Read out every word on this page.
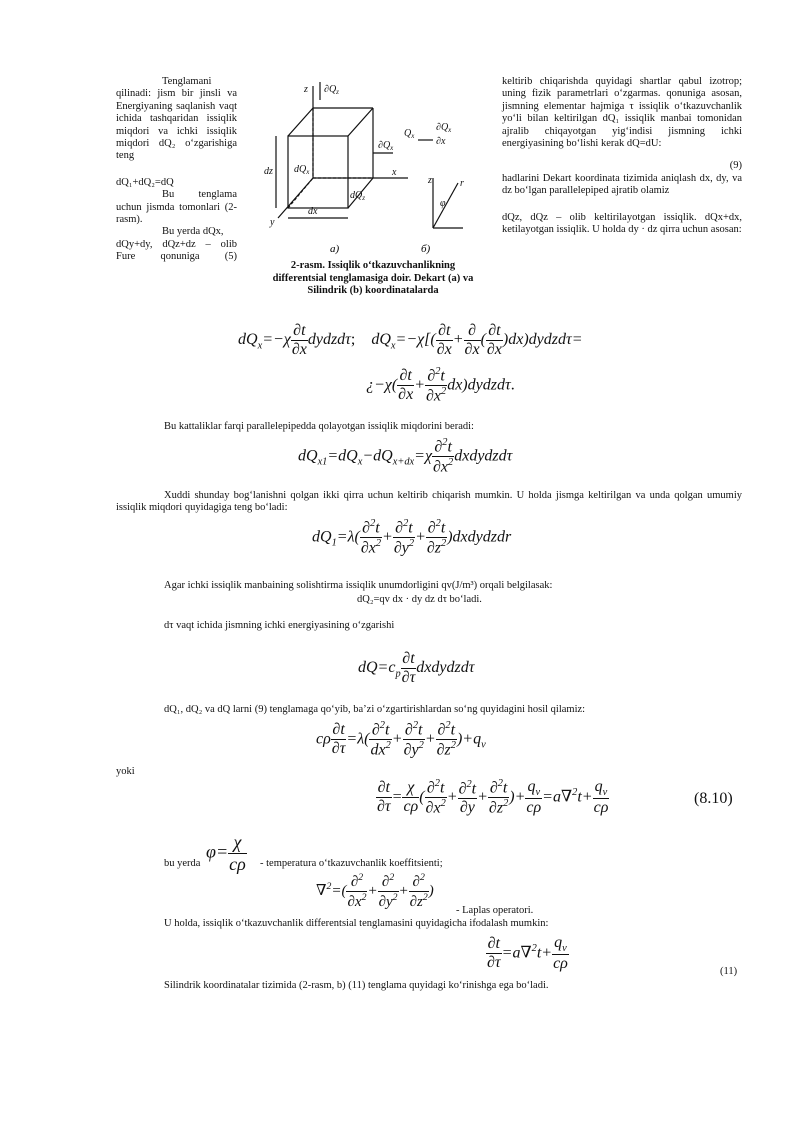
Tenglamani
qilinadi: jism bir jinsli va Energiyaning saqlanish vaqt ichida tashqaridan issiqlik miqdori va ichki issiqlik miqdori dQ₂ o‘zgarishiga teng
dQ₁+dQ₂=dQ
Bu tenglama uchun jismda tomonlari (2-rasm).
Bu yerda dQx,
dQy+dy, dQz+dz – olib
Fure qonuniga (5)
z $\partial Q_z$
$\partial Q_x$
x
dz
dx
$dQ_z$
$dQ_x$
y
$Q_x$
$\partial Q_x$
∂x
z	r
φ
a)	б)
2-rasm. Issiqlik o‘tkazuvchanlikning differentsial tenglamasiga doir. Dekart (a) va Silindrik (b) koordinatalarda
keltirib chiqarishda quyidagi shartlar qabul izotrop; uning fizik parametrlari o‘zgarmas. qonuniga asosan, jismning elementar hajmiga τ issiqlik o‘tkazuvchanlik yo‘li bilan keltirilgan dQ₁ issiqlik manbai tomonidan ajralib chiqayotgan yig‘indisi jismning ichki energiyasining bo‘lishi kerak dQ=dU:
(9)
hadlarini Dekart koordinata tizimida aniqlash dx, dy, va dz bo‘lgan parallelepiped ajratib olamiz
dQz, dQz – olib keltirilayotgan issiqlik. dQx+dx, ketilayotgan issiqlik. U holda dy · dz qirra uchun asosan:
$dQ_x=-\chi \frac{\partial t}{\partial x}$ dydzdτ;    $dQ_x=-\chi[( \frac{\partial t}{\partial x} + \frac{\partial}{\partial x}$ ( $\frac{\partial t}{\partial x}$ )dx)dydzdτ=
¿$-\chi( \frac{\partial t}{\partial x} + \frac{\partial^2t}{\partial x^2}$ dx)dydzdτ.
Bu kattaliklar farqi parallelepipedda qolayotgan issiqlik miqdorini beradi:
$dQ_{x1}=dQ_x-dQ_{x+dx}=\chi \frac{\partial^2t}{\partial x^2}$ dxdydzdτ
Xuddi shunday bog‘lanishni qolgan ikki qirra uchun keltirib chiqarish mumkin. U holda jismga keltirilgan va unda qolgan umumiy issiqlik miqdori quyidagiga teng bo‘ladi:
$dQ_1=\lambda( \frac{\partial^2t}{\partial x^2} + \frac{\partial^2t}{\partial y^2} + \frac{\partial^2t}{\partial z^2}$ )dxdydzdr
Agar ichki issiqlik manbaining solishtirma issiqlik unumdorligini qv(J/m³) orqali belgilasak:
dQ₂=qv dx · dy dz dτ bo‘ladi.
dτ vaqt ichida jismning ichki energiyasining o‘zgarishi
$dQ=c_p \frac{\partial t}{\partial\tau}$ dxdydzdτ
dQ₁, dQ₂ va dQ larni (9) tenglamaga qo‘yib, ba’zi o‘zgartirishlardan so‘ng quyidagini hosil qilamiz:
cρ $\frac{\partial t}{\partial\tau} =\lambda( \frac{\partial^2t}{dx^2} + \frac{\partial^2t}{\partial y^2} + \frac{\partial^2t}{\partial z^2} )+q_v$
yoki
$\frac{\partial t}{\partial\tau} = \frac{\chi}{c\rho}$ ( $\frac{\partial^2t}{\partial x^2} + \frac{\partial^2t}{\partial y} + \frac{\partial^2t}{\partial z^2}$ )+ $\frac{q_v}{c\rho} =a\nabla^2t+ \frac{q_v}{c\rho}$	(8.10)
$\varphi= \frac{\chi}{c\rho}$
bu yerda	- temperatura o‘tkazuvchanlik koeffitsienti;
$\nabla^2=( \frac{\partial^2}{\partial x^2} + \frac{\partial^2}{\partial y^2} + \frac{\partial^2}{\partial z^2}$ )
- Laplas operatori.
U holda, issiqlik o‘tkazuvchanlik differentsial tenglamasini quyidagicha ifodalash mumkin:
$\frac{\partial t}{\partial\tau} =a\nabla^2t+ \frac{q_v}{c\rho}$	(11)
Silindrik koordinatalar tizimida (2-rasm, b) (11) tenglama quyidagi ko‘rinishga ega bo‘ladi.
